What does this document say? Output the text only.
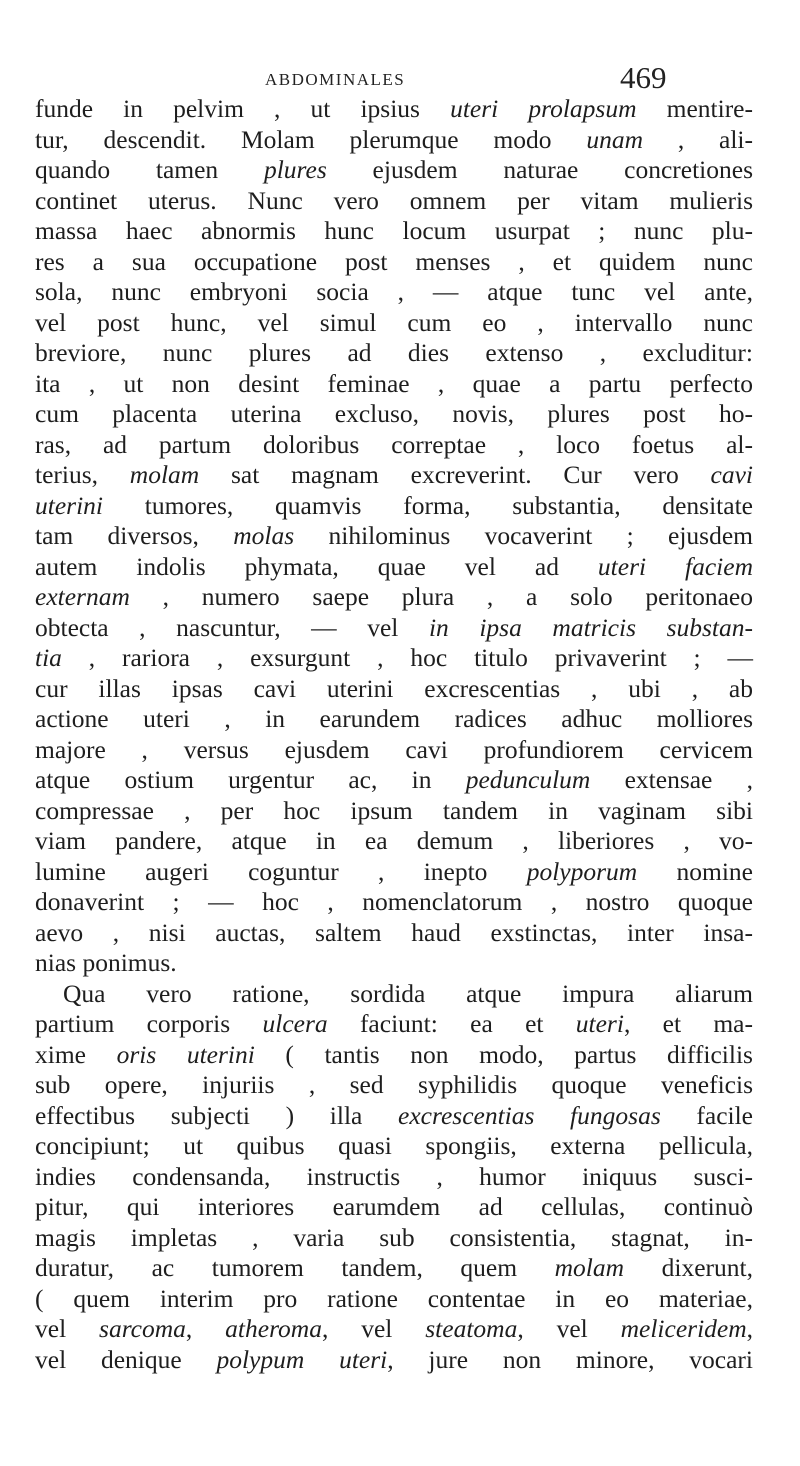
ABDOMINALES	469
funde in pelvim , ut ipsius uteri prolapsum mentire-
tur, descendit. Molam plerumque modo unam , ali-
quando tamen plures ejusdem naturae concretiones
continet uterus. Nunc vero omnem per vitam mulieris
massa haec abnormis hunc locum usurpat ; nunc plu-
res a sua occupatione post menses , et quidem nunc
sola, nunc embryoni socia , — atque tunc vel ante,
vel post hunc, vel simul cum eo , intervallo nunc
breviore, nunc plures ad dies extenso , excluditur:
ita , ut non desint feminae , quae a partu perfecto
cum placenta uterina excluso, novis, plures post ho-
ras, ad partum doloribus correptae , loco foetus al-
terius, molam sat magnam excreverint. Cur vero cavi
uterini tumores, quamvis forma, substantia, densitate
tam diversos, molas nihilominus vocaverint ; ejusdem
autem indolis phymata, quae vel ad uteri faciem
externam , numero saepe plura , a solo peritonaeo
obtecta , nascuntur, — vel in ipsa matricis substan-
tia , rariora , exsurgunt , hoc titulo privaverint ; —
cur illas ipsas cavi uterini excrescentias , ubi , ab
actione uteri , in earundem radices adhuc molliores
majore , versus ejusdem cavi profundiorem cervicem
atque ostium urgentur ac, in pedunculum extensae ,
compressae , per hoc ipsum tandem in vaginam sibi
viam pandere, atque in ea demum , liberiores , vo-
lumine augeri coguntur , inepto polyporum nomine
donaverint ; — hoc , nomenclatorum , nostro quoque
aevo , nisi auctas, saltem haud exstinctas, inter insa-
nias ponimus.
Qua vero ratione, sordida atque impura aliarum
partium corporis ulcera faciunt: ea et uteri, et ma-
xime oris uterini ( tantis non modo, partus difficilis
sub opere, injuriis , sed syphilidis quoque veneficis
effectibus subjecti ) illa excrescentias fungosas facile
concipiunt; ut quibus quasi spongiis, externa pellicula,
indies condensanda, instructis , humor iniquus susci-
pitur, qui interiores earumdem ad cellulas, continuò
magis impletas , varia sub consistentia, stagnat, in-
duratur, ac tumorem tandem, quem molam dixerunt,
( quem interim pro ratione contentae in eo materiae,
vel sarcoma, atheroma, vel steatoma, vel meliceridem,
vel denique polypum uteri, jure non minore, vocari
